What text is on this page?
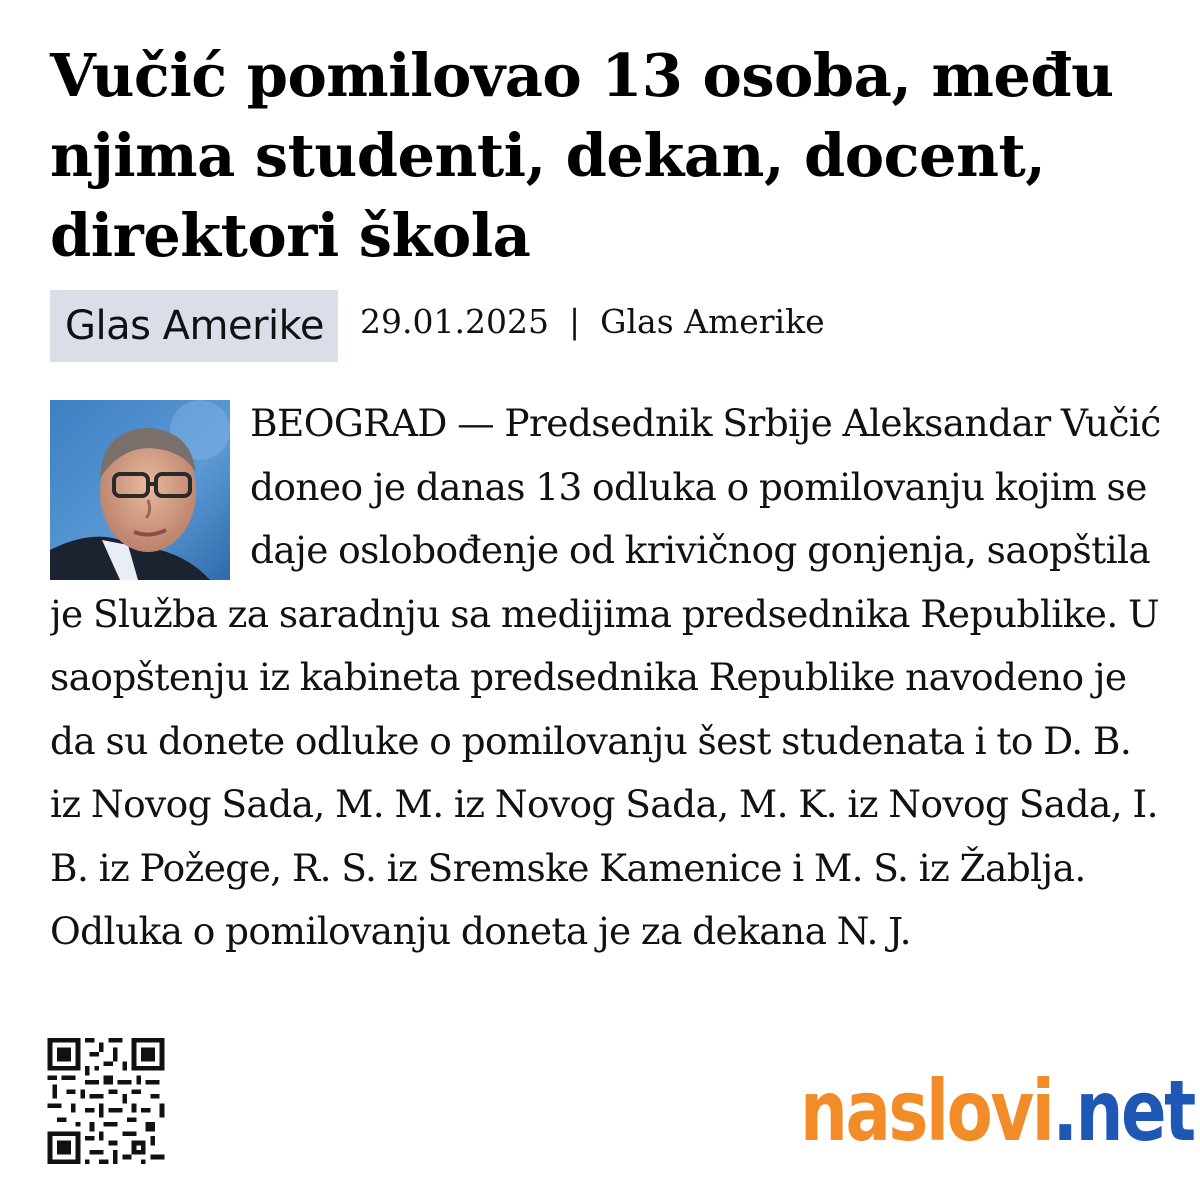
Vučić pomilovao 13 osoba, među njima studenti, dekan, docent, direktori škola
Glas Amerike	29.01.2025 | Glas Amerike
BEOGRAD — Predsednik Srbije Aleksandar Vučić doneo je danas 13 odluka o pomilovanju kojim se daje oslobođenje od krivičnog gonjenja, saopštila je Služba za saradnju sa medijima predsednika Republike. U saopštenju iz kabineta predsednika Republike navodeno je da su donete odluke o pomilovanju šest studenata i to D. B. iz Novog Sada, M. M. iz Novog Sada, M. K. iz Novog Sada, I. B. iz Požege, R. S. iz Sremske Kamenice i M. S. iz Žablja. Odluka o pomilovanju doneta je za dekana N. J.
naslovi.net
